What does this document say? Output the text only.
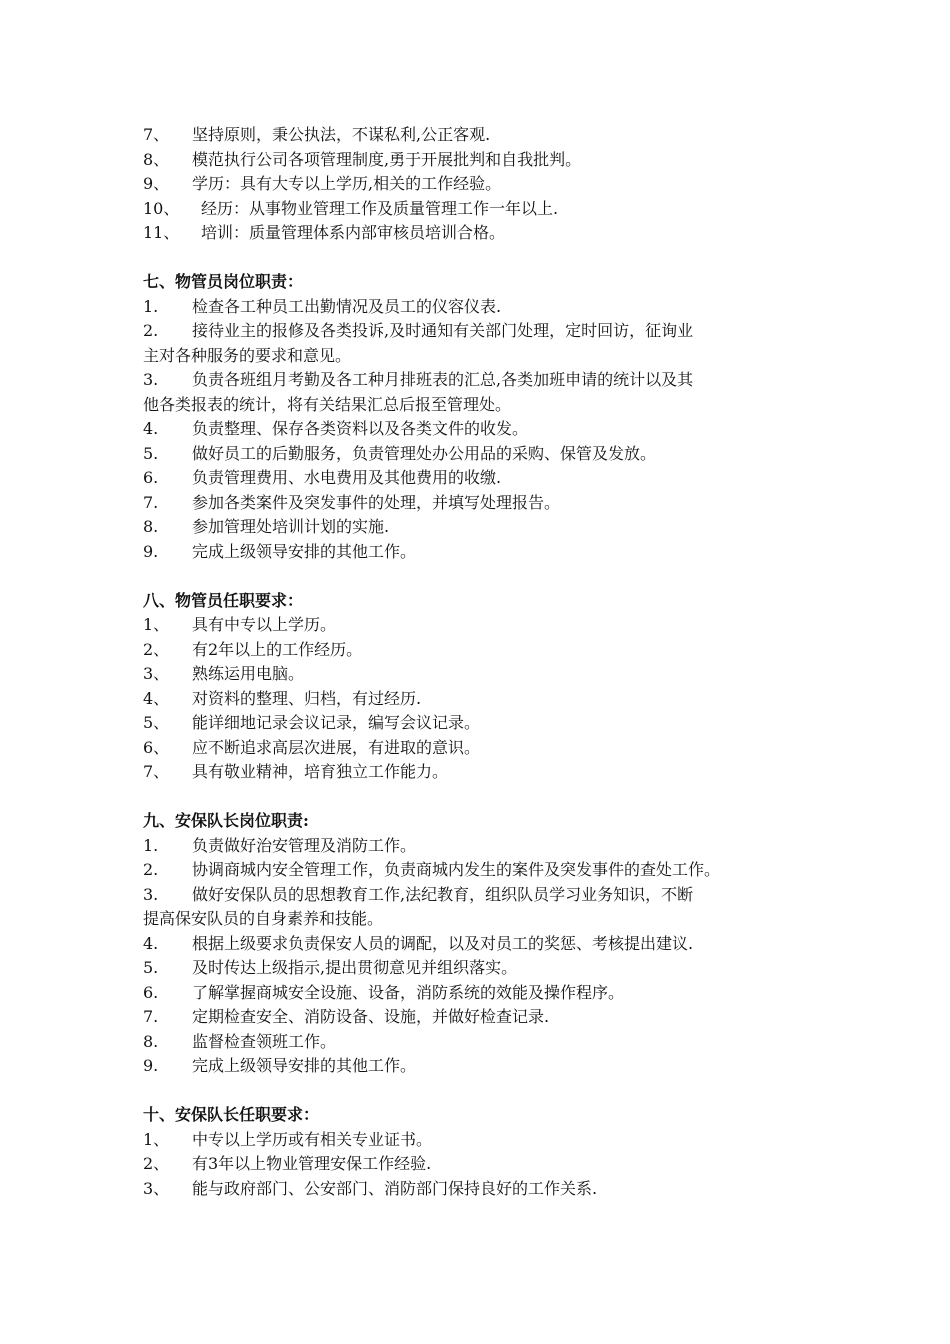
7、	坚持原则，秉公执法，不谋私利,公正客观.
8、	模范执行公司各项管理制度,勇于开展批判和自我批判。
9、	学历：具有大专以上学历,相关的工作经验。
10、	经历：从事物业管理工作及质量管理工作一年以上.
11、	培训：质量管理体系内部审核员培训合格。
七、物管员岗位职责：
1.	检查各工种员工出勤情况及员工的仪容仪表.
2.	接待业主的报修及各类投诉,及时通知有关部门处理，定时回访，征询业
主对各种服务的要求和意见。
3.	负责各班组月考勤及各工种月排班表的汇总,各类加班申请的统计以及其
他各类报表的统计，将有关结果汇总后报至管理处。
4.	负责整理、保存各类资料以及各类文件的收发。
5.	做好员工的后勤服务，负责管理处办公用品的采购、保管及发放。
6.	负责管理费用、水电费用及其他费用的收缴.
7.	参加各类案件及突发事件的处理，并填写处理报告。
8.	参加管理处培训计划的实施.
9.	完成上级领导安排的其他工作。
八、物管员任职要求：
1、	具有中专以上学历。
2、	有2年以上的工作经历。
3、	熟练运用电脑。
4、	对资料的整理、归档，有过经历.
5、	能详细地记录会议记录，编写会议记录。
6、	应不断追求高层次进展，有进取的意识。
7、	具有敬业精神，培育独立工作能力。
九、安保队长岗位职责:
1.	负责做好治安管理及消防工作。
2.	协调商城内安全管理工作，负责商城内发生的案件及突发事件的查处工作。
3.	做好安保队员的思想教育工作,法纪教育，组织队员学习业务知识，不断
提高保安队员的自身素养和技能。
4.	根据上级要求负责保安人员的调配，以及对员工的奖惩、考核提出建议.
5.	及时传达上级指示,提出贯彻意见并组织落实。
6.	了解掌握商城安全设施、设备，消防系统的效能及操作程序。
7.	定期检查安全、消防设备、设施，并做好检查记录.
8.	监督检查领班工作。
9.	完成上级领导安排的其他工作。
十、安保队长任职要求：
1、	中专以上学历或有相关专业证书。
2、	有3年以上物业管理安保工作经验.
3、	能与政府部门、公安部门、消防部门保持良好的工作关系.
